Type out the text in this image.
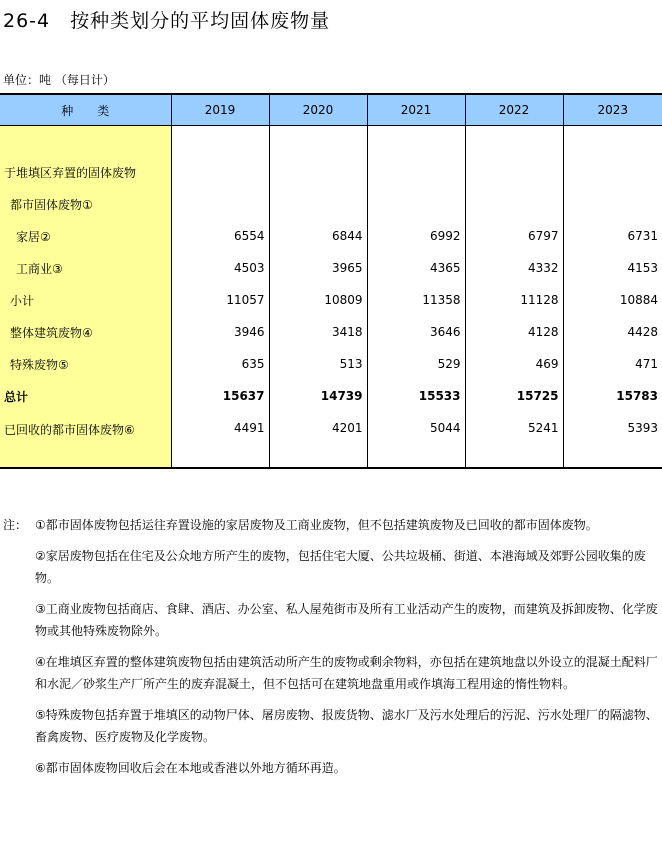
26-4　按种类划分的平均固体废物量
单位：吨 （每日计）
种　　类	2019	2020	2021	2022	2023

于堆填区弃置的固体废物					
都市固体废物①					
家居②	6554	6844	6992	6797	6731
工商业③	4503	3965	4365	4332	4153
小计	11057	10809	11358	11128	10884
整体建筑废物④	3946	3418	3646	4128	4428
特殊废物⑤	635	513	529	469	471
总计	15637	14739	15533	15725	15783
已回收的都市固体废物⑥	4491	4201	5044	5241	5393
注： ①都市固体废物包括运往弃置设施的家居废物及工商业废物，但不包括建筑废物及已回收的都市固体废物。
②家居废物包括在住宅及公众地方所产生的废物，包括住宅大厦、公共垃圾桶、街道、本港海域及郊野公园收集的废物。
③工商业废物包括商店、食肆、酒店、办公室、私人屋苑街市及所有工业活动产生的废物，而建筑及拆卸废物、化学废物或其他特殊废物除外。
④在堆填区弃置的整体建筑废物包括由建筑活动所产生的废物或剩余物料，亦包括在建筑地盘以外设立的混凝土配料厂和水泥／砂浆生产厂所产生的废弃混凝土，但不包括可在建筑地盘重用或作填海工程用途的惰性物料。
⑤特殊废物包括弃置于堆填区的动物尸体、屠房废物、报废货物、滤水厂及污水处理后的污泥、污水处理厂的隔滤物、畜禽废物、医疗废物及化学废物。
⑥都市固体废物回收后会在本地或香港以外地方循环再造。
